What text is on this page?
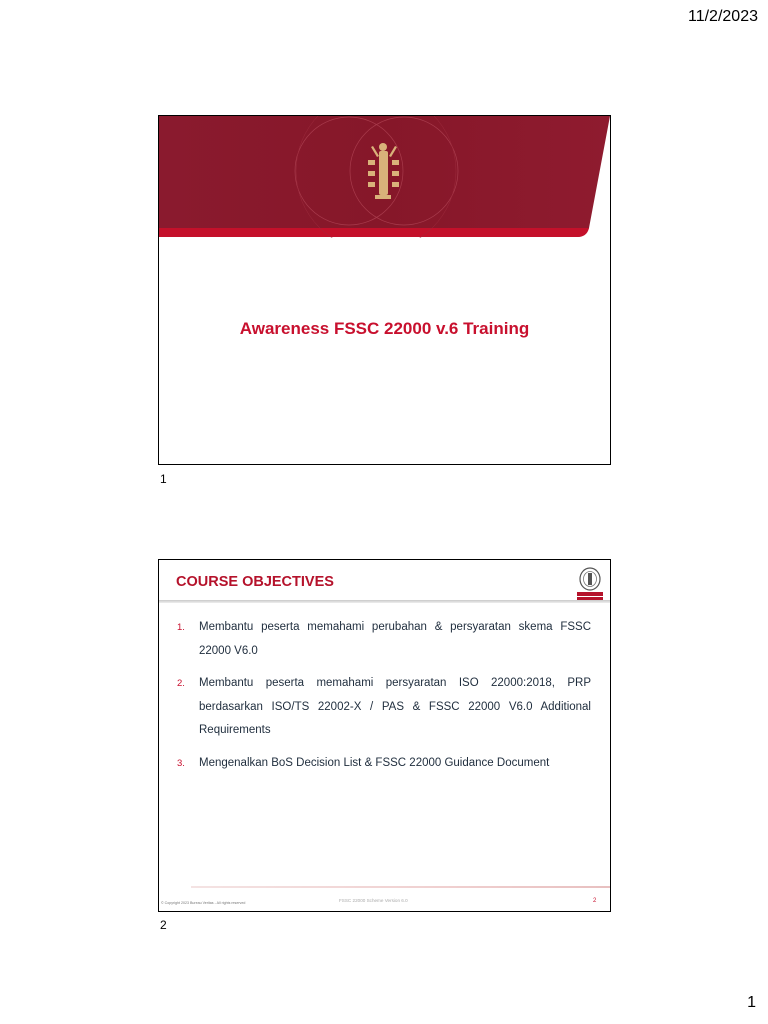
11/2/2023
Awareness FSSC 22000 v.6 Training
1
COURSE OBJECTIVES
1.	Membantu peserta memahami perubahan & persyaratan skema FSSC 22000 V6.0
2.	Membantu peserta memahami persyaratan ISO 22000:2018, PRP berdasarkan ISO/TS 22002-X / PAS & FSSC 22000 V6.0 Additional Requirements
3.	Mengenalkan BoS Decision List & FSSC 22000 Guidance Document
© Copyright 2023 Bureau Veritas - All rights reserved	FSSC 22000 Scheme Version 6.0	2
2
1
